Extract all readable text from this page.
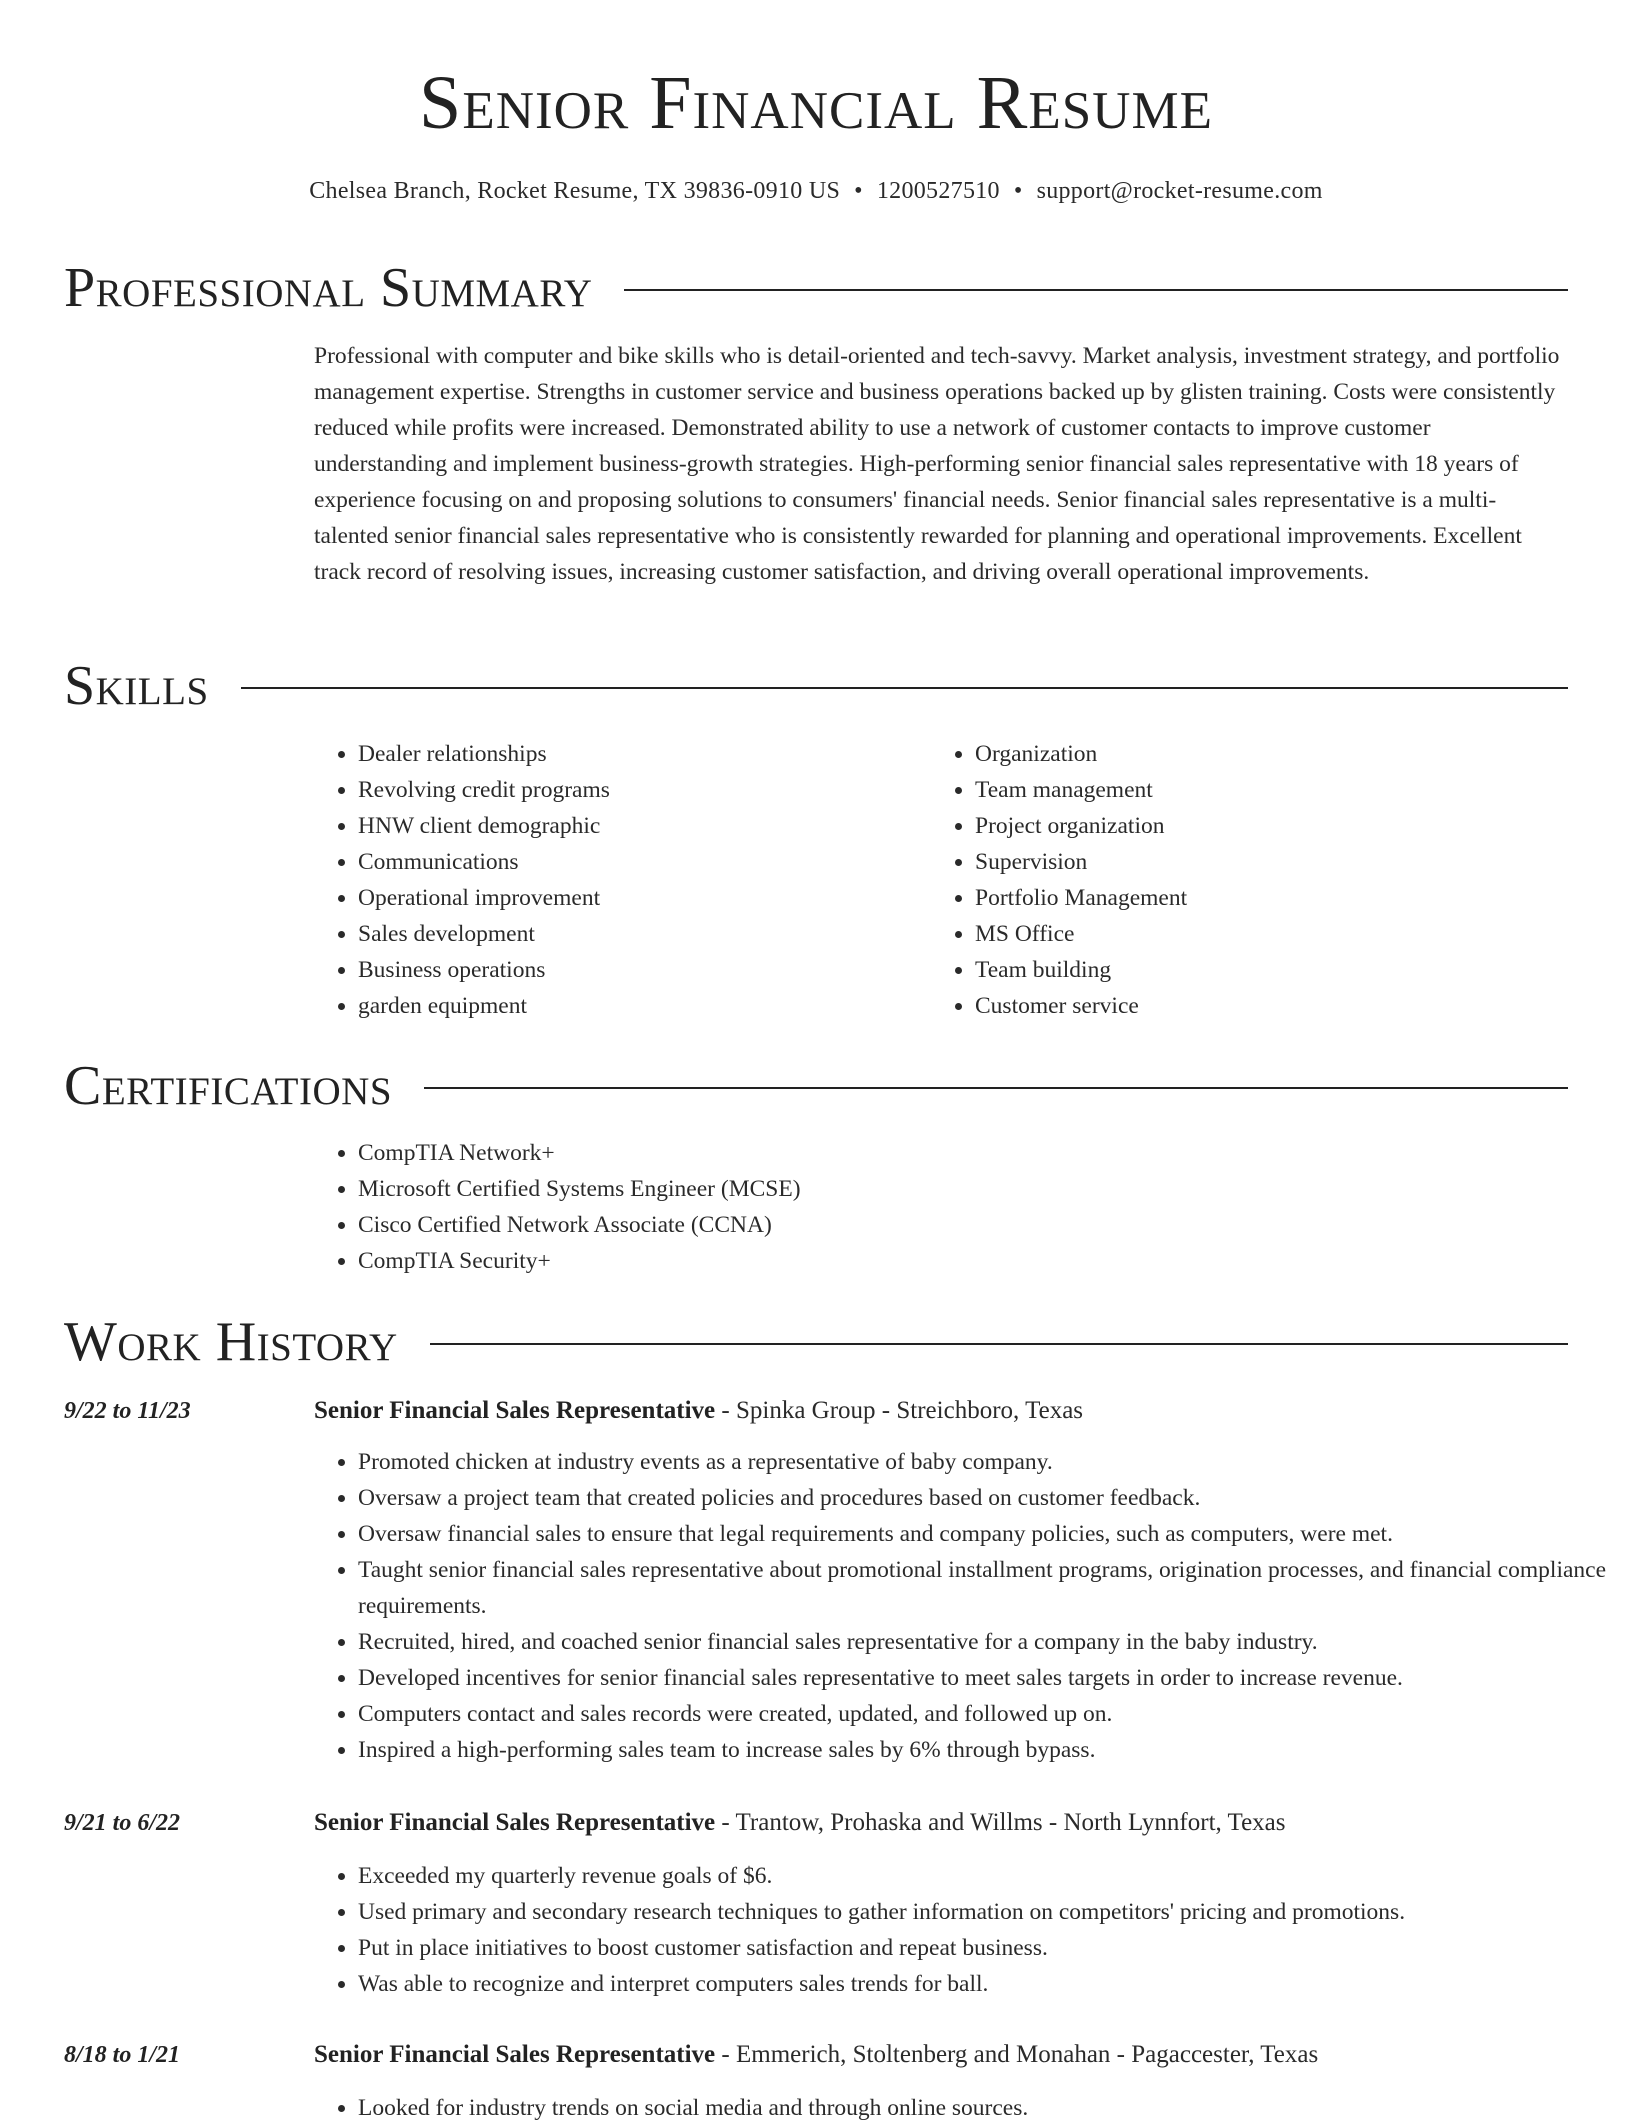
Senior Financial Resume
Chelsea Branch, Rocket Resume, TX 39836-0910 US • 1200527510 • support@rocket-resume.com
Professional Summary

Professional with computer and bike skills who is detail-oriented and tech-savvy. Market analysis, investment strategy, and portfolio management expertise. Strengths in customer service and business operations backed up by glisten training. Costs were consistently reduced while profits were increased. Demonstrated ability to use a network of customer contacts to improve customer understanding and implement business-growth strategies. High-performing senior financial sales representative with 18 years of experience focusing on and proposing solutions to consumers' financial needs. Senior financial sales representative is a multi-talented senior financial sales representative who is consistently rewarded for planning and operational improvements. Excellent track record of resolving issues, increasing customer satisfaction, and driving overall operational improvements.

Skills
• Dealer relationships
• Revolving credit programs
• HNW client demographic
• Communications
• Operational improvement
• Sales development
• Business operations
• garden equipment
• Organization
• Team management
• Project organization
• Supervision
• Portfolio Management
• MS Office
• Team building
• Customer service
Certifications
• CompTIA Network+
• Microsoft Certified Systems Engineer (MCSE)
• Cisco Certified Network Associate (CCNA)
• CompTIA Security+
Work History
9/22 to 11/23	Senior Financial Sales Representative - Spinka Group - Streichboro, Texas
• Promoted chicken at industry events as a representative of baby company.
• Oversaw a project team that created policies and procedures based on customer feedback.
• Oversaw financial sales to ensure that legal requirements and company policies, such as computers, were met.
• Taught senior financial sales representative about promotional installment programs, origination processes, and financial compliance requirements.
• Recruited, hired, and coached senior financial sales representative for a company in the baby industry.
• Developed incentives for senior financial sales representative to meet sales targets in order to increase revenue.
• Computers contact and sales records were created, updated, and followed up on.
• Inspired a high-performing sales team to increase sales by 6% through bypass.
9/21 to 6/22	Senior Financial Sales Representative - Trantow, Prohaska and Willms - North Lynnfort, Texas
• Exceeded my quarterly revenue goals of $6.
• Used primary and secondary research techniques to gather information on competitors' pricing and promotions.
• Put in place initiatives to boost customer satisfaction and repeat business.
• Was able to recognize and interpret computers sales trends for ball.
8/18 to 1/21	Senior Financial Sales Representative - Emmerich, Stoltenberg and Monahan - Pagaccester, Texas
• Looked for industry trends on social media and through online sources.
